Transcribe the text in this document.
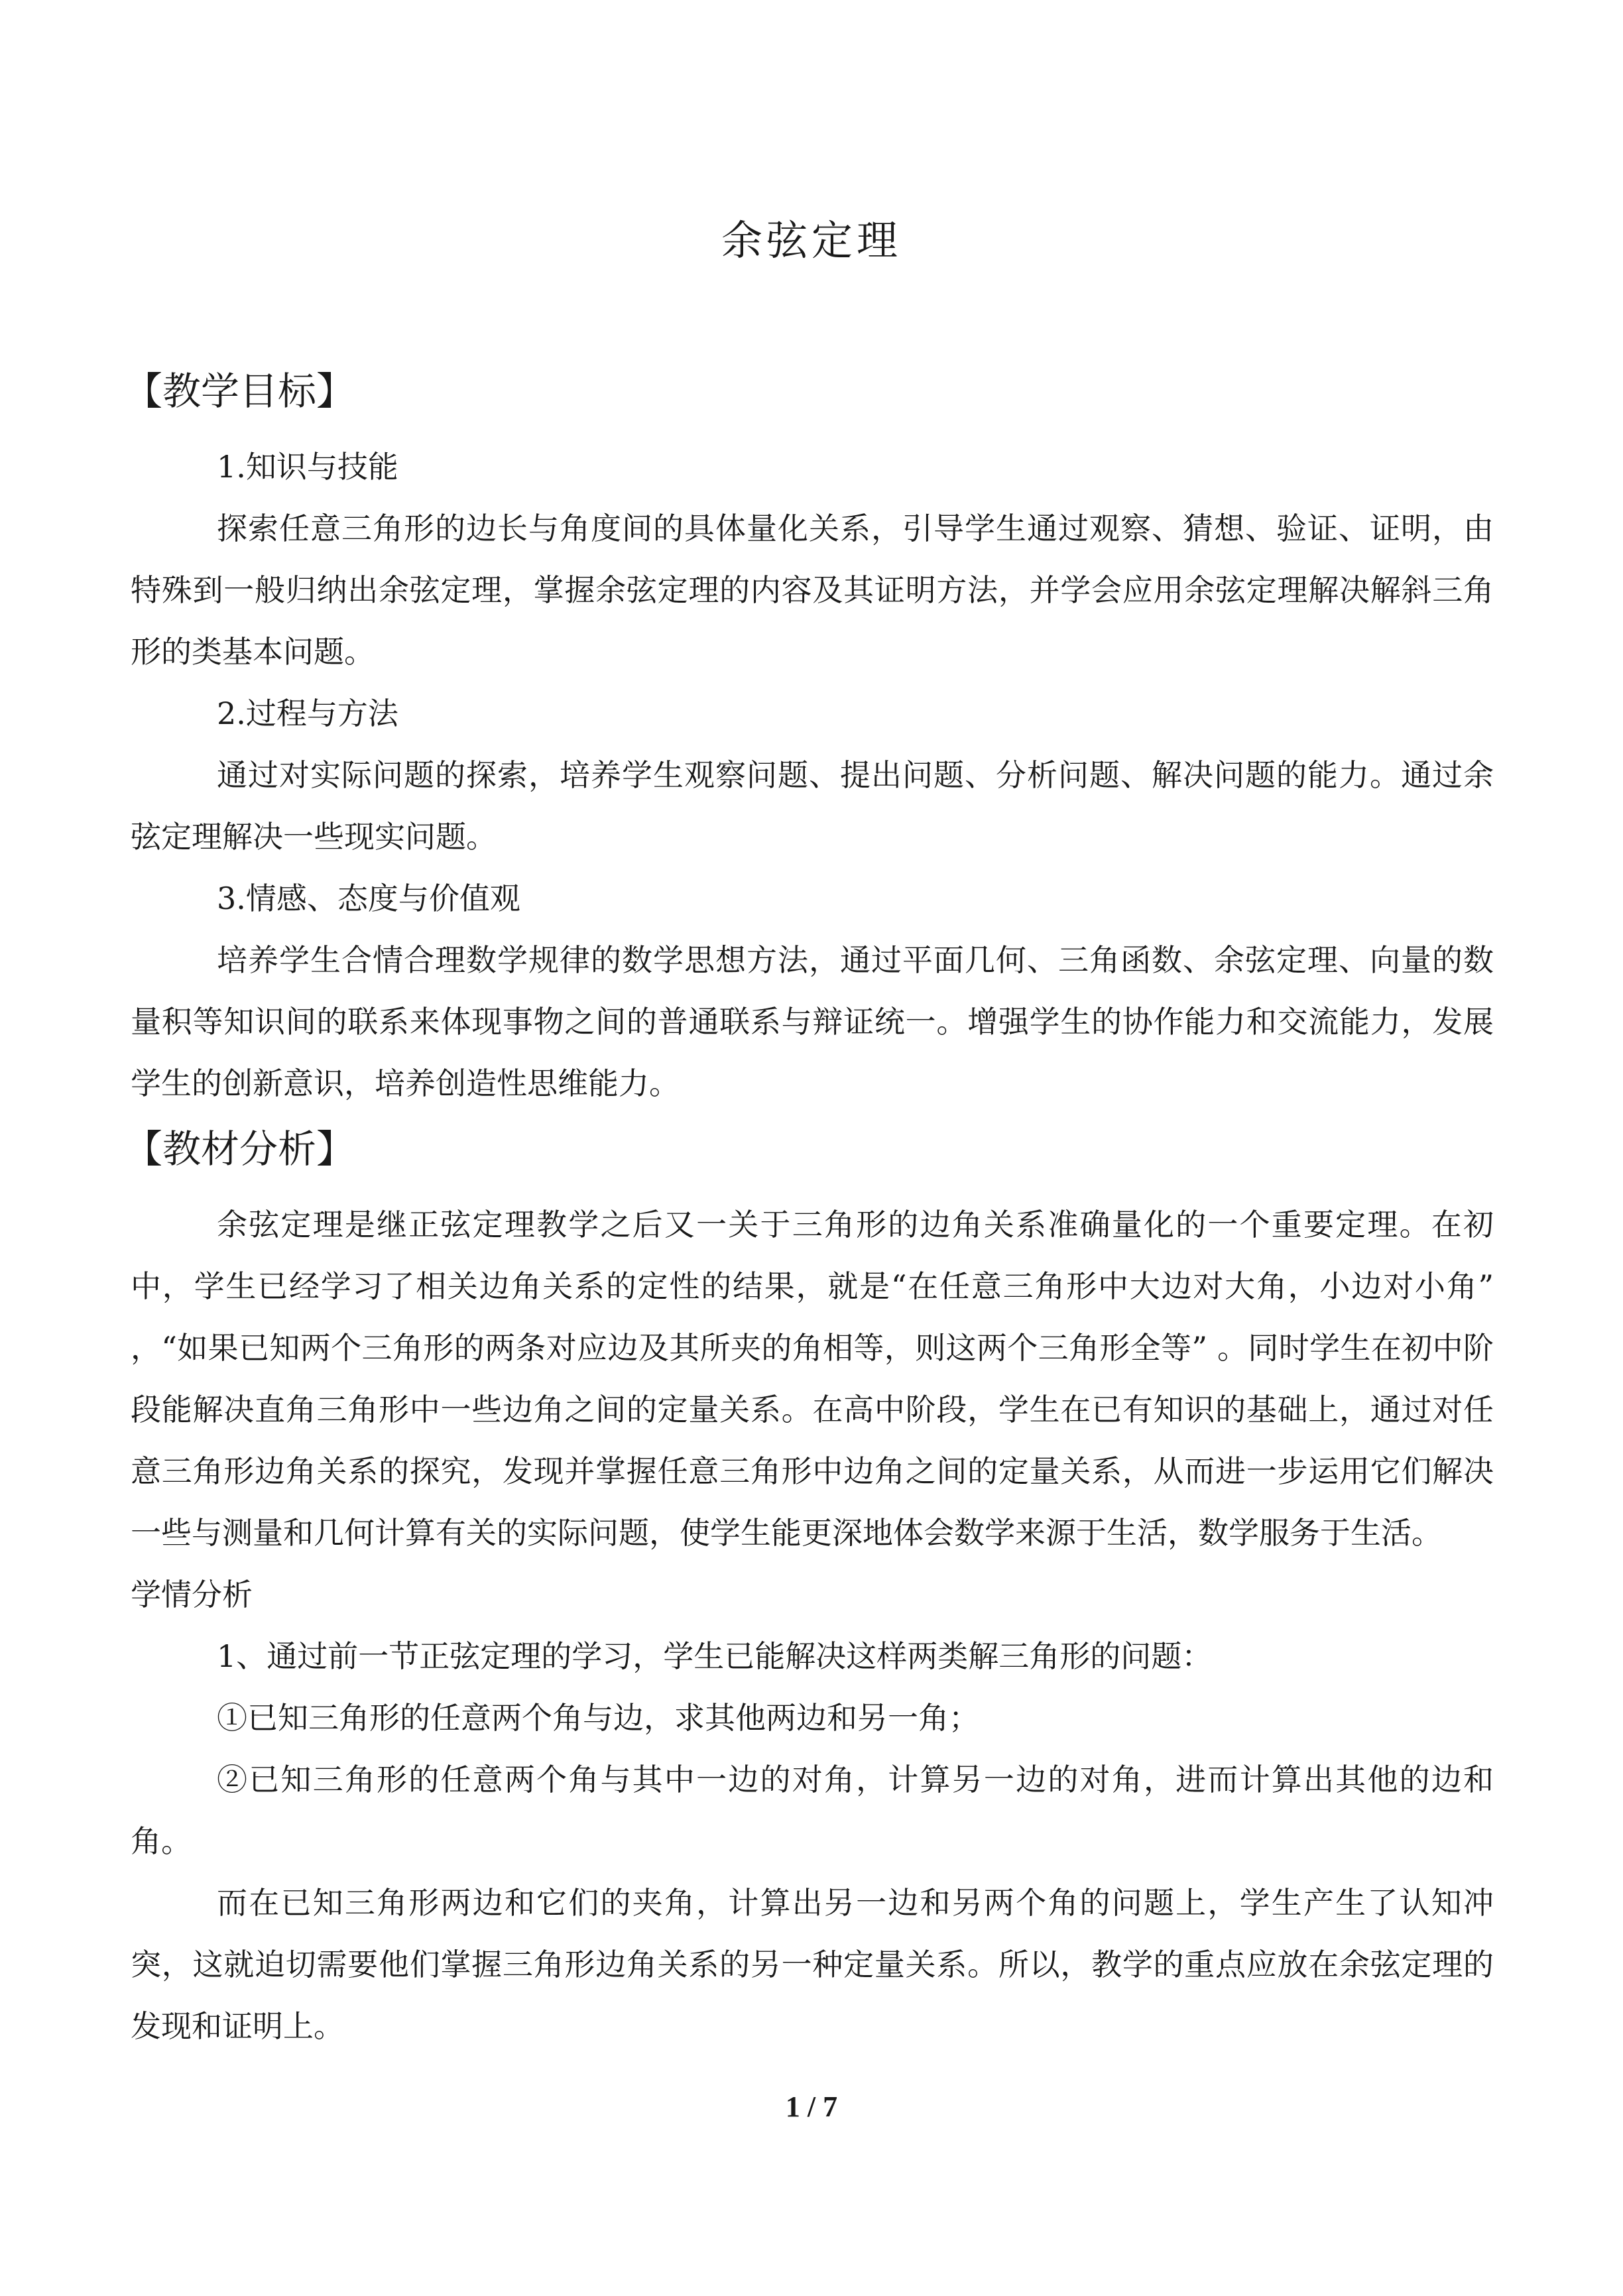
余弦定理

【教学目标】

1.知识与技能

探索任意三角形的边长与角度间的具体量化关系，引导学生通过观察、猜想、验证、证明，由特殊到一般归纳出余弦定理，掌握余弦定理的内容及其证明方法，并学会应用余弦定理解决解斜三角形的类基本问题。

2.过程与方法

通过对实际问题的探索，培养学生观察问题、提出问题、分析问题、解决问题的能力。通过余弦定理解决一些现实问题。

3.情感、态度与价值观

培养学生合情合理数学规律的数学思想方法，通过平面几何、三角函数、余弦定理、向量的数量积等知识间的联系来体现事物之间的普通联系与辩证统一。增强学生的协作能力和交流能力，发展学生的创新意识，培养创造性思维能力。

【教材分析】

余弦定理是继正弦定理教学之后又一关于三角形的边角关系准确量化的一个重要定理。在初中，学生已经学习了相关边角关系的定性的结果，就是“在任意三角形中大边对大角，小边对小角” ，“如果已知两个三角形的两条对应边及其所夹的角相等，则这两个三角形全等” 。同时学生在初中阶段能解决直角三角形中一些边角之间的定量关系。在高中阶段，学生在已有知识的基础上，通过对任意三角形边角关系的探究，发现并掌握任意三角形中边角之间的定量关系，从而进一步运用它们解决一些与测量和几何计算有关的实际问题，使学生能更深地体会数学来源于生活，数学服务于生活。

学情分析

1、通过前一节正弦定理的学习，学生已能解决这样两类解三角形的问题：

①已知三角形的任意两个角与边，求其他两边和另一角；

②已知三角形的任意两个角与其中一边的对角，计算另一边的对角，进而计算出其他的边和角。

而在已知三角形两边和它们的夹角，计算出另一边和另两个角的问题上，学生产生了认知冲突，这就迫切需要他们掌握三角形边角关系的另一种定量关系。所以，教学的重点应放在余弦定理的发现和证明上。

1 / 7
